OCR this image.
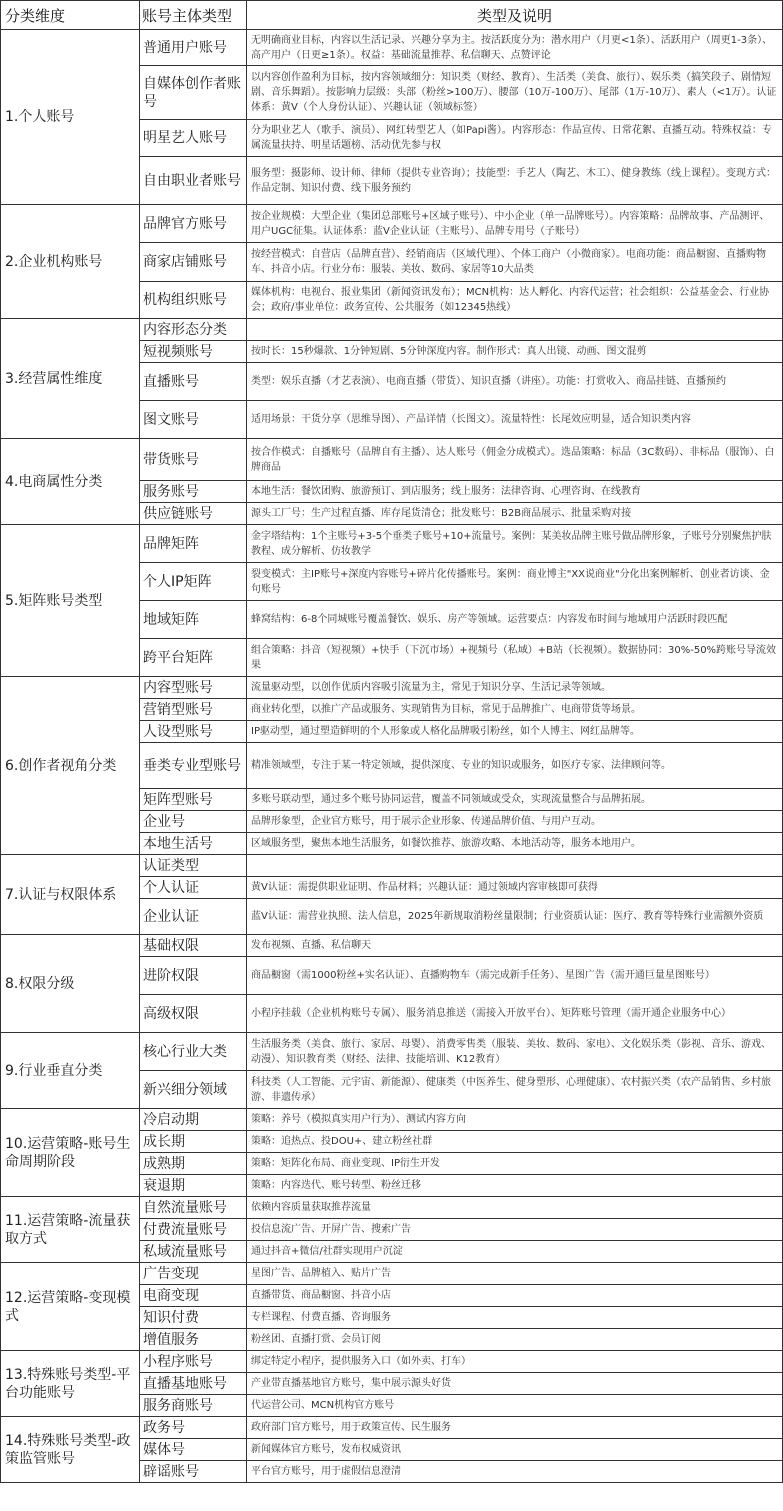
分类维度	账号主体类型	类型及说明
1.个人账号	普通用户账号	无明确商业目标，内容以生活记录、兴趣分享为主。按活跃度分为：潜水用户（月更<1条）、活跃用户（周更1-3条）、高产用户（日更≥1条）。权益：基础流量推荐、私信聊天、点赞评论
	自媒体创作者账号	以内容创作盈利为目标，按内容领域细分：知识类（财经、教育）、生活类（美食、旅行）、娱乐类（搞笑段子、剧情短剧、音乐舞蹈）。按影响力层级：头部（粉丝>100万）、腰部（10万-100万）、尾部（1万-10万）、素人（<1万）。认证体系：黄V（个人身份认证）、兴趣认证（领域标签）
	明星艺人账号	分为职业艺人（歌手、演员）、网红转型艺人（如Papi酱）。内容形态：作品宣传、日常花絮、直播互动。特殊权益：专属流量扶持、明星话题榜、活动优先参与权
	自由职业者账号	服务型：摄影师、设计师、律师（提供专业咨询）；技能型：手艺人（陶艺、木工）、健身教练（线上课程）。变现方式：作品定制、知识付费、线下服务预约
2.企业机构账号	品牌官方账号	按企业规模：大型企业（集团总部账号+区域子账号）、中小企业（单一品牌账号）。内容策略：品牌故事、产品测评、用户UGC征集。认证体系：蓝V企业认证（主账号）、品牌专用号（子账号）
	商家店铺账号	按经营模式：自营店（品牌直营）、经销商店（区域代理）、个体工商户（小微商家）。电商功能：商品橱窗、直播购物车、抖音小店。行业分布：服装、美妆、数码、家居等10大品类
	机构组织账号	媒体机构：电视台、报业集团（新闻资讯发布）；MCN机构：达人孵化、内容代运营；社会组织：公益基金会、行业协会；政府/事业单位：政务宣传、公共服务（如12345热线）
3.经营属性维度	内容形态分类	
	短视频账号	按时长：15秒爆款、1分钟短剧、5分钟深度内容。制作形式：真人出镜、动画、图文混剪
	直播账号	类型：娱乐直播（才艺表演）、电商直播（带货）、知识直播（讲座）。功能：打赏收入、商品挂链、直播预约
	图文账号	适用场景：干货分享（思维导图）、产品详情（长图文）。流量特性：长尾效应明显，适合知识类内容
4.电商属性分类	带货账号	按合作模式：自播账号（品牌自有主播）、达人账号（佣金分成模式）。选品策略：标品（3C数码）、非标品（服饰）、白牌商品
	服务账号	本地生活：餐饮团购、旅游预订、到店服务；线上服务：法律咨询、心理咨询、在线教育
	供应链账号	源头工厂号：生产过程直播、库存尾货清仓；批发账号：B2B商品展示、批量采购对接
5.矩阵账号类型	品牌矩阵	金字塔结构：1个主账号+3-5个垂类子账号+10+流量号。案例：某美妆品牌主账号做品牌形象，子账号分别聚焦护肤教程、成分解析、仿妆教学
	个人IP矩阵	裂变模式：主IP账号+深度内容账号+碎片化传播账号。案例：商业博主"XX说商业"分化出案例解析、创业者访谈、金句账号
	地域矩阵	蜂窝结构：6-8个同城账号覆盖餐饮、娱乐、房产等领域。运营要点：内容发布时间与地域用户活跃时段匹配
	跨平台矩阵	组合策略：抖音（短视频）+快手（下沉市场）+视频号（私域）+B站（长视频）。数据协同：30%-50%跨账号导流效果
6.创作者视角分类	内容型账号	流量驱动型，以创作优质内容吸引流量为主，常见于知识分享、生活记录等领域。
	营销型账号	商业转化型，以推广产品或服务、实现销售为目标，常见于品牌推广、电商带货等场景。
	人设型账号	IP驱动型，通过塑造鲜明的个人形象或人格化品牌吸引粉丝，如个人博主、网红品牌等。
	垂类专业型账号	精准领域型，专注于某一特定领域，提供深度、专业的知识或服务，如医疗专家、法律顾问等。
	矩阵型账号	多账号联动型，通过多个账号协同运营，覆盖不同领域或受众，实现流量整合与品牌拓展。
	企业号	品牌形象型，企业官方账号，用于展示企业形象、传递品牌价值、与用户互动。
	本地生活号	区域服务型，聚焦本地生活服务，如餐饮推荐、旅游攻略、本地活动等，服务本地用户。
7.认证与权限体系	认证类型	
	个人认证	黄V认证：需提供职业证明、作品材料；兴趣认证：通过领域内容审核即可获得
	企业认证	蓝V认证：需营业执照、法人信息，2025年新规取消粉丝量限制；行业资质认证：医疗、教育等特殊行业需额外资质
8.权限分级	基础权限	发布视频、直播、私信聊天
	进阶权限	商品橱窗（需1000粉丝+实名认证）、直播购物车（需完成新手任务）、星图广告（需开通巨量星图账号）
	高级权限	小程序挂载（企业机构账号专属）、服务消息推送（需接入开放平台）、矩阵账号管理（需开通企业服务中心）
9.行业垂直分类	核心行业大类	生活服务类（美食、旅行、家居、母婴）、消费零售类（服装、美妆、数码、家电）、文化娱乐类（影视、音乐、游戏、动漫）、知识教育类（财经、法律、技能培训、K12教育）
	新兴细分领域	科技类（人工智能、元宇宙、新能源）、健康类（中医养生、健身塑形、心理健康）、农村振兴类（农产品销售、乡村旅游、非遗传承）
10.运营策略-账号生命周期阶段	冷启动期	策略：养号（模拟真实用户行为）、测试内容方向
	成长期	策略：追热点、投DOU+、建立粉丝社群
	成熟期	策略：矩阵化布局、商业变现、IP衍生开发
	衰退期	策略：内容迭代、账号转型、粉丝迁移
11.运营策略-流量获取方式	自然流量账号	依赖内容质量获取推荐流量
	付费流量账号	投信息流广告、开屏广告、搜索广告
	私域流量账号	通过抖音+微信/社群实现用户沉淀
12.运营策略-变现模式	广告变现	星图广告、品牌植入、贴片广告
	电商变现	直播带货、商品橱窗、抖音小店
	知识付费	专栏课程、付费直播、咨询服务
	增值服务	粉丝团、直播打赏、会员订阅
13.特殊账号类型-平台功能账号	小程序账号	绑定特定小程序，提供服务入口（如外卖、打车）
	直播基地账号	产业带直播基地官方账号，集中展示源头好货
	服务商账号	代运营公司、MCN机构官方账号
14.特殊账号类型-政策监管账号	政务号	政府部门官方账号，用于政策宣传、民生服务
	媒体号	新闻媒体官方账号，发布权威资讯
	辟谣账号	平台官方账号，用于虚假信息澄清
